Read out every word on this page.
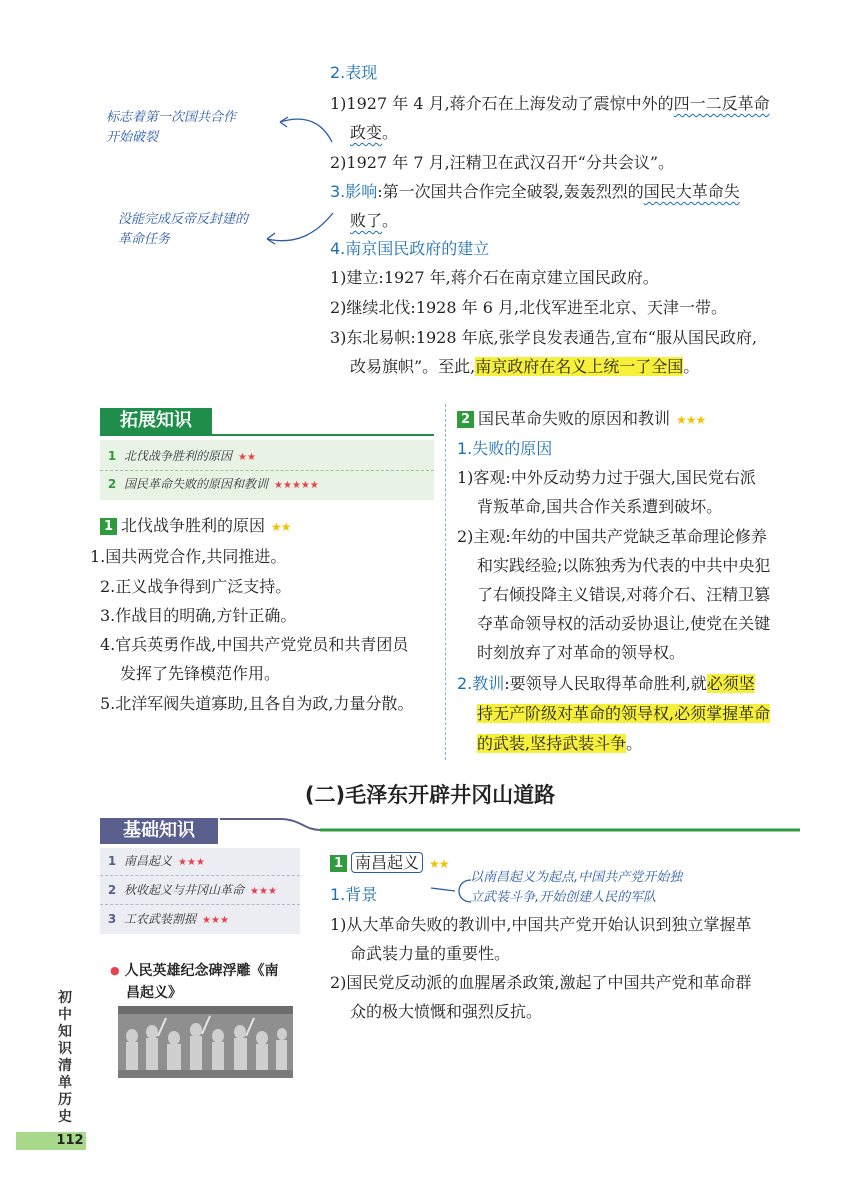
2.表现
1)1927 年 4 月,蒋介石在上海发动了震惊中外的四一二反革命
政变。
2)1927 年 7 月,汪精卫在武汉召开“分共会议”。
3.影响:第一次国共合作完全破裂,轰轰烈烈的国民大革命失
败了。
4.南京国民政府的建立
1)建立:1927 年,蒋介石在南京建立国民政府。
2)继续北伐:1928 年 6 月,北伐军进至北京、天津一带。
3)东北易帜:1928 年底,张学良发表通告,宣布“服从国民政府,
改易旗帜”。至此,南京政府在名义上统一了全国。
标志着第一次国共合作
开始破裂
没能完成反帝反封建的
革命任务
拓展知识
1 北伐战争胜利的原因 ★★
2 国民革命失败的原因和教训 ★★★★★
1 北伐战争胜利的原因 ★★
1.国共两党合作,共同推进。
2.正义战争得到广泛支持。
3.作战目的明确,方针正确。
4.官兵英勇作战,中国共产党党员和共青团员
发挥了先锋模范作用。
5.北洋军阀失道寡助,且各自为政,力量分散。
2 国民革命失败的原因和教训 ★★★
1.失败的原因
1)客观:中外反动势力过于强大,国民党右派
背叛革命,国共合作关系遭到破坏。
2)主观:年幼的中国共产党缺乏革命理论修养
和实践经验;以陈独秀为代表的中共中央犯
了右倾投降主义错误,对蒋介石、汪精卫篡
夺革命领导权的活动妥协退让,使党在关键
时刻放弃了对革命的领导权。
2.教训:要领导人民取得革命胜利,就必须坚
持无产阶级对革命的领导权,必须掌握革命
的武装,坚持武装斗争。
(二)毛泽东开辟井冈山道路
基础知识
1 南昌起义 ★★★
2 秋收起义与井冈山革命 ★★★
3 工农武装割据 ★★★
● 人民英雄纪念碑浮雕《南
昌起义》
1 南昌起义 ★★
1.背景
以南昌起义为起点,中国共产党开始独
立武装斗争,开始创建人民的军队
1)从大革命失败的教训中,中国共产党开始认识到独立掌握革
命武装力量的重要性。
2)国民党反动派的血腥屠杀政策,激起了中国共产党和革命群
众的极大愤慨和强烈反抗。
初中知识清单 历史
112
